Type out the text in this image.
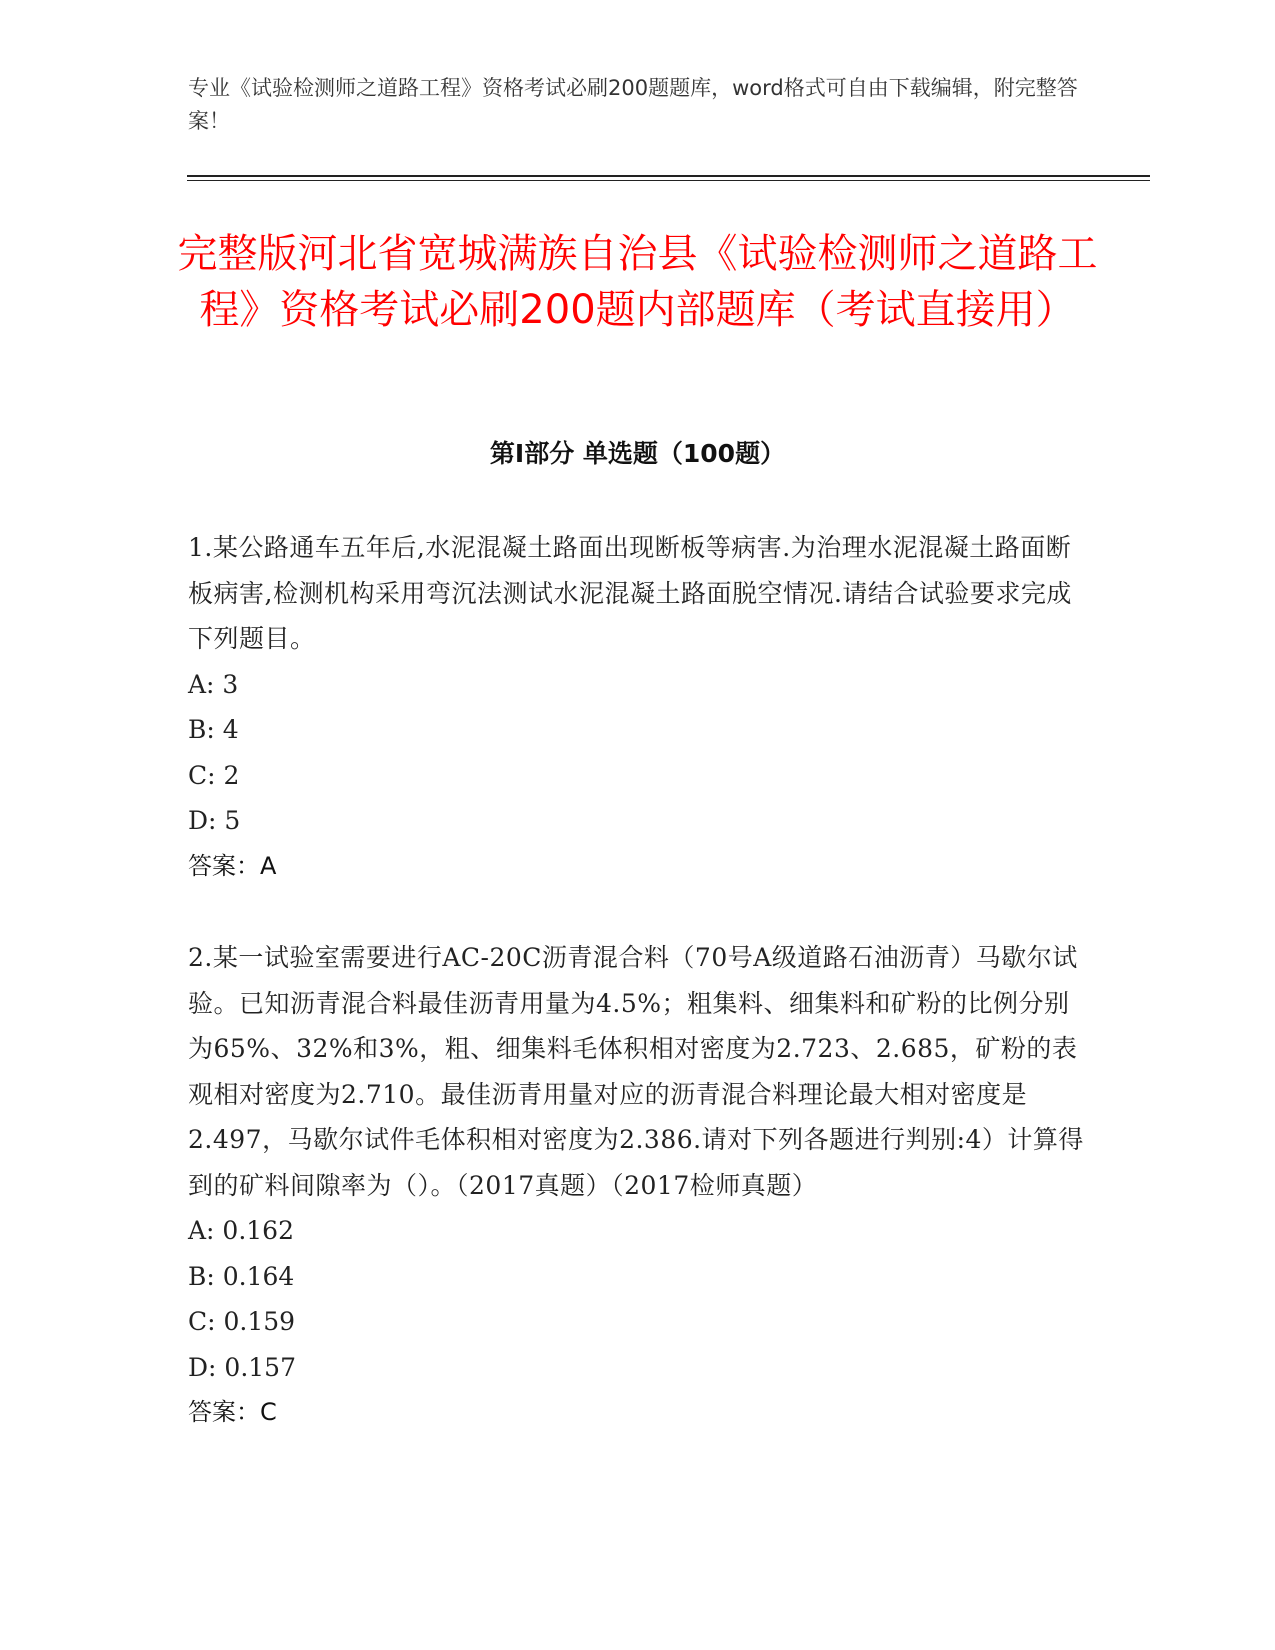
专业《试验检测师之道路工程》资格考试必刷200题题库，word格式可自由下载编辑，附完整答案！
完整版河北省宽城满族自治县《试验检测师之道路工程》资格考试必刷200题内部题库（考试直接用）
第Ⅰ部分 单选题（100题）
1.某公路通车五年后,水泥混凝土路面出现断板等病害.为治理水泥混凝土路面断板病害,检测机构采用弯沉法测试水泥混凝土路面脱空情况.请结合试验要求完成下列题目。
A: 3
B: 4
C: 2
D: 5
答案：A
2.某一试验室需要进行AC-20C沥青混合料（70号A级道路石油沥青）马歇尔试验。已知沥青混合料最佳沥青用量为4.5%；粗集料、细集料和矿粉的比例分别为65%、32%和3%，粗、细集料毛体积相对密度为2.723、2.685，矿粉的表观相对密度为2.710。最佳沥青用量对应的沥青混合料理论最大相对密度是2.497，马歇尔试件毛体积相对密度为2.386.请对下列各题进行判别:4）计算得到的矿料间隙率为（）。（2017真题）（2017检师真题）
A: 0.162
B: 0.164
C: 0.159
D: 0.157
答案：C
